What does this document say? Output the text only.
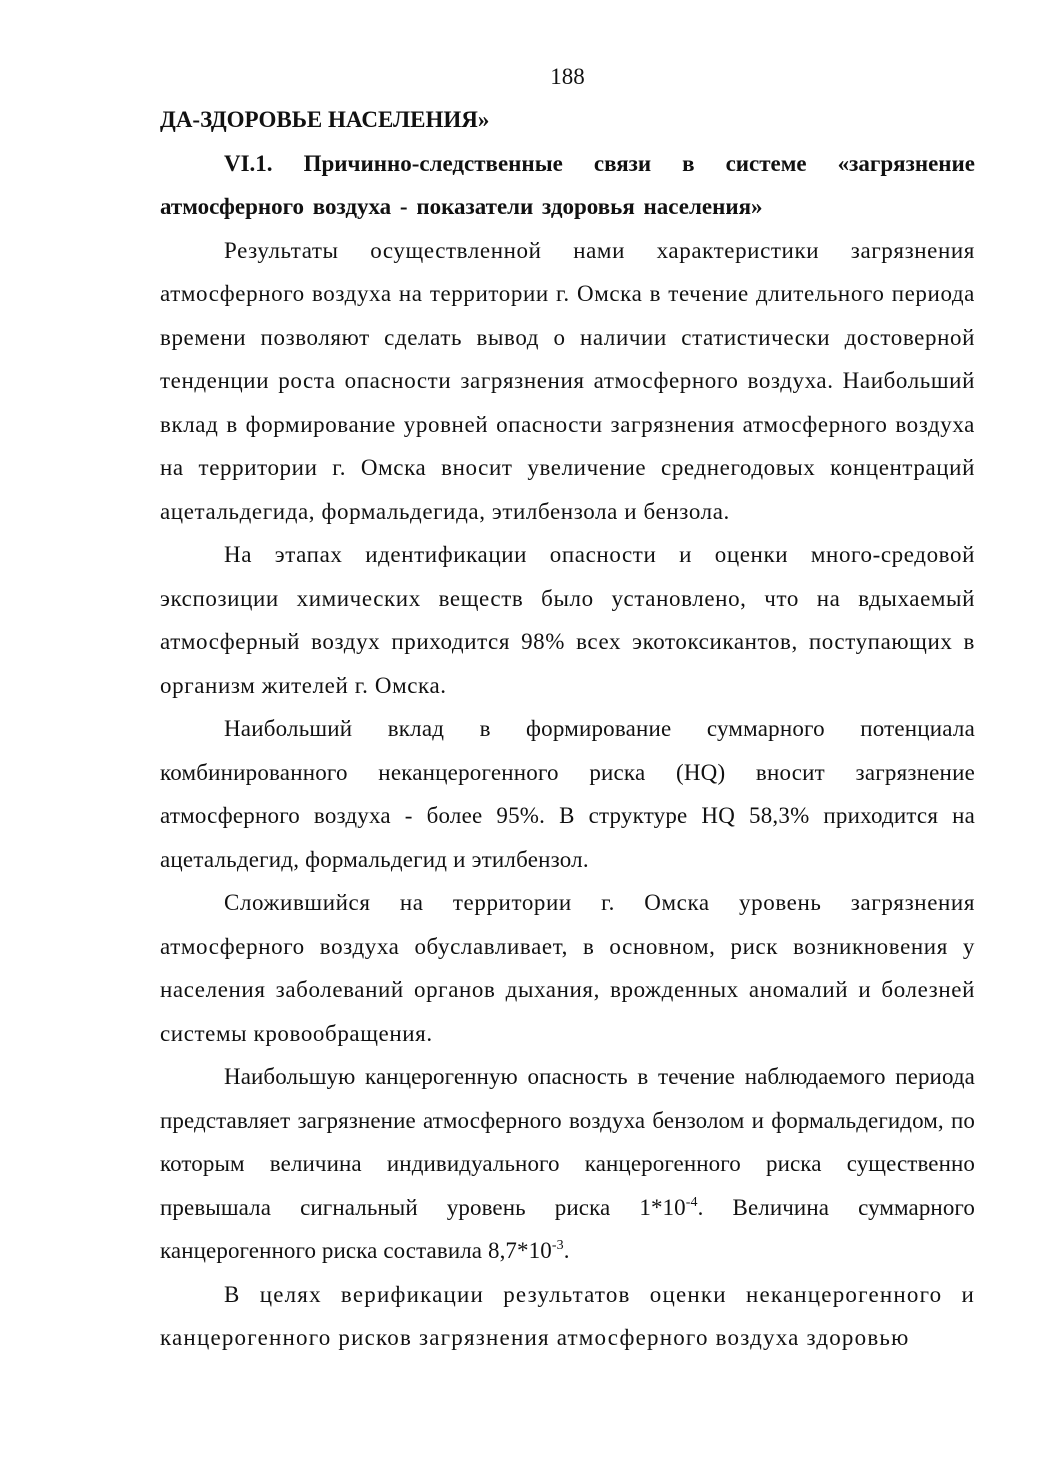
188

ДА-ЗДОРОВЬЕ НАСЕЛЕНИЯ»

VI.1. Причинно-следственные связи в системе «загрязнение атмосферного воздуха - показатели здоровья населения»

Результаты осуществленной нами характеристики загрязнения атмосферного воздуха на территории г. Омска в течение длительного периода времени позволяют сделать вывод о наличии статистически достоверной тенденции роста опасности загрязнения атмосферного воздуха. Наибольший вклад в формирование уровней опасности загрязнения атмосферного воздуха на территории г. Омска вносит увеличение среднегодовых концентраций ацетальдегида, формальдегида, этилбензола и бензола.

На этапах идентификации опасности и оценки много-средовой экспозиции химических веществ было установлено, что на вдыхаемый атмосферный воздух приходится 98% всех экотоксикантов, поступающих в организм жителей г. Омска.

Наибольший вклад в формирование суммарного потенциала комбинированного неканцерогенного риска (HQ) вносит загрязнение атмосферного воздуха - более 95%. В структуре HQ 58,3% приходится на ацетальдегид, формальдегид и этилбензол.

Сложившийся на территории г. Омска уровень загрязнения атмосферного воздуха обуславливает, в основном, риск возникновения у населения заболеваний органов дыхания, врожденных аномалий и болезней системы кровообращения.

Наибольшую канцерогенную опасность в течение наблюдаемого периода представляет загрязнение атмосферного воздуха бензолом и формальдегидом, по которым величина индивидуального канцерогенного риска существенно превышала сигнальный уровень риска $1*10^{-4}$. Величина суммарного канцерогенного риска составила $8,7*10^{-3}$.

В целях верификации результатов оценки неканцерогенного и канцерогенного рисков загрязнения атмосферного воздуха здоровью
